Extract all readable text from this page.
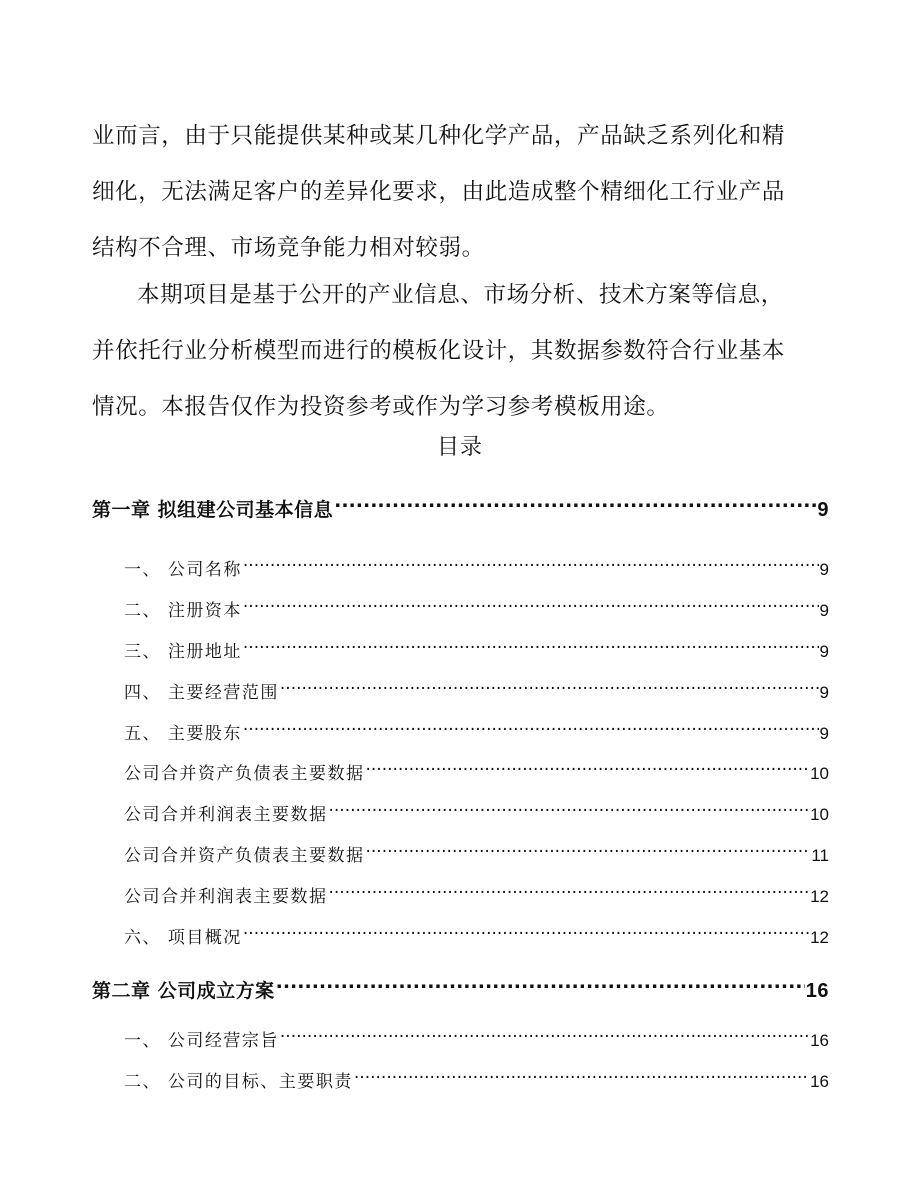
业而言，由于只能提供某种或某几种化学产品，产品缺乏系列化和精
细化，无法满足客户的差异化要求，由此造成整个精细化工行业产品
结构不合理、市场竞争能力相对较弱。
本期项目是基于公开的产业信息、市场分析、技术方案等信息，
并依托行业分析模型而进行的模板化设计，其数据参数符合行业基本
情况。本报告仅作为投资参考或作为学习参考模板用途。
目录
第一章 拟组建公司基本信息 .....	9
一、 公司名称 .....	9
二、 注册资本 .....	9
三、 注册地址 .....	9
四、 主要经营范围 .....	9
五、 主要股东 .....	9
公司合并资产负债表主要数据 .....	10
公司合并利润表主要数据 .....	10
公司合并资产负债表主要数据 .....	11
公司合并利润表主要数据 .....	12
六、 项目概况 .....	12
第二章 公司成立方案 .....	16
一、 公司经营宗旨 .....	16
二、 公司的目标、主要职责 .....	16
